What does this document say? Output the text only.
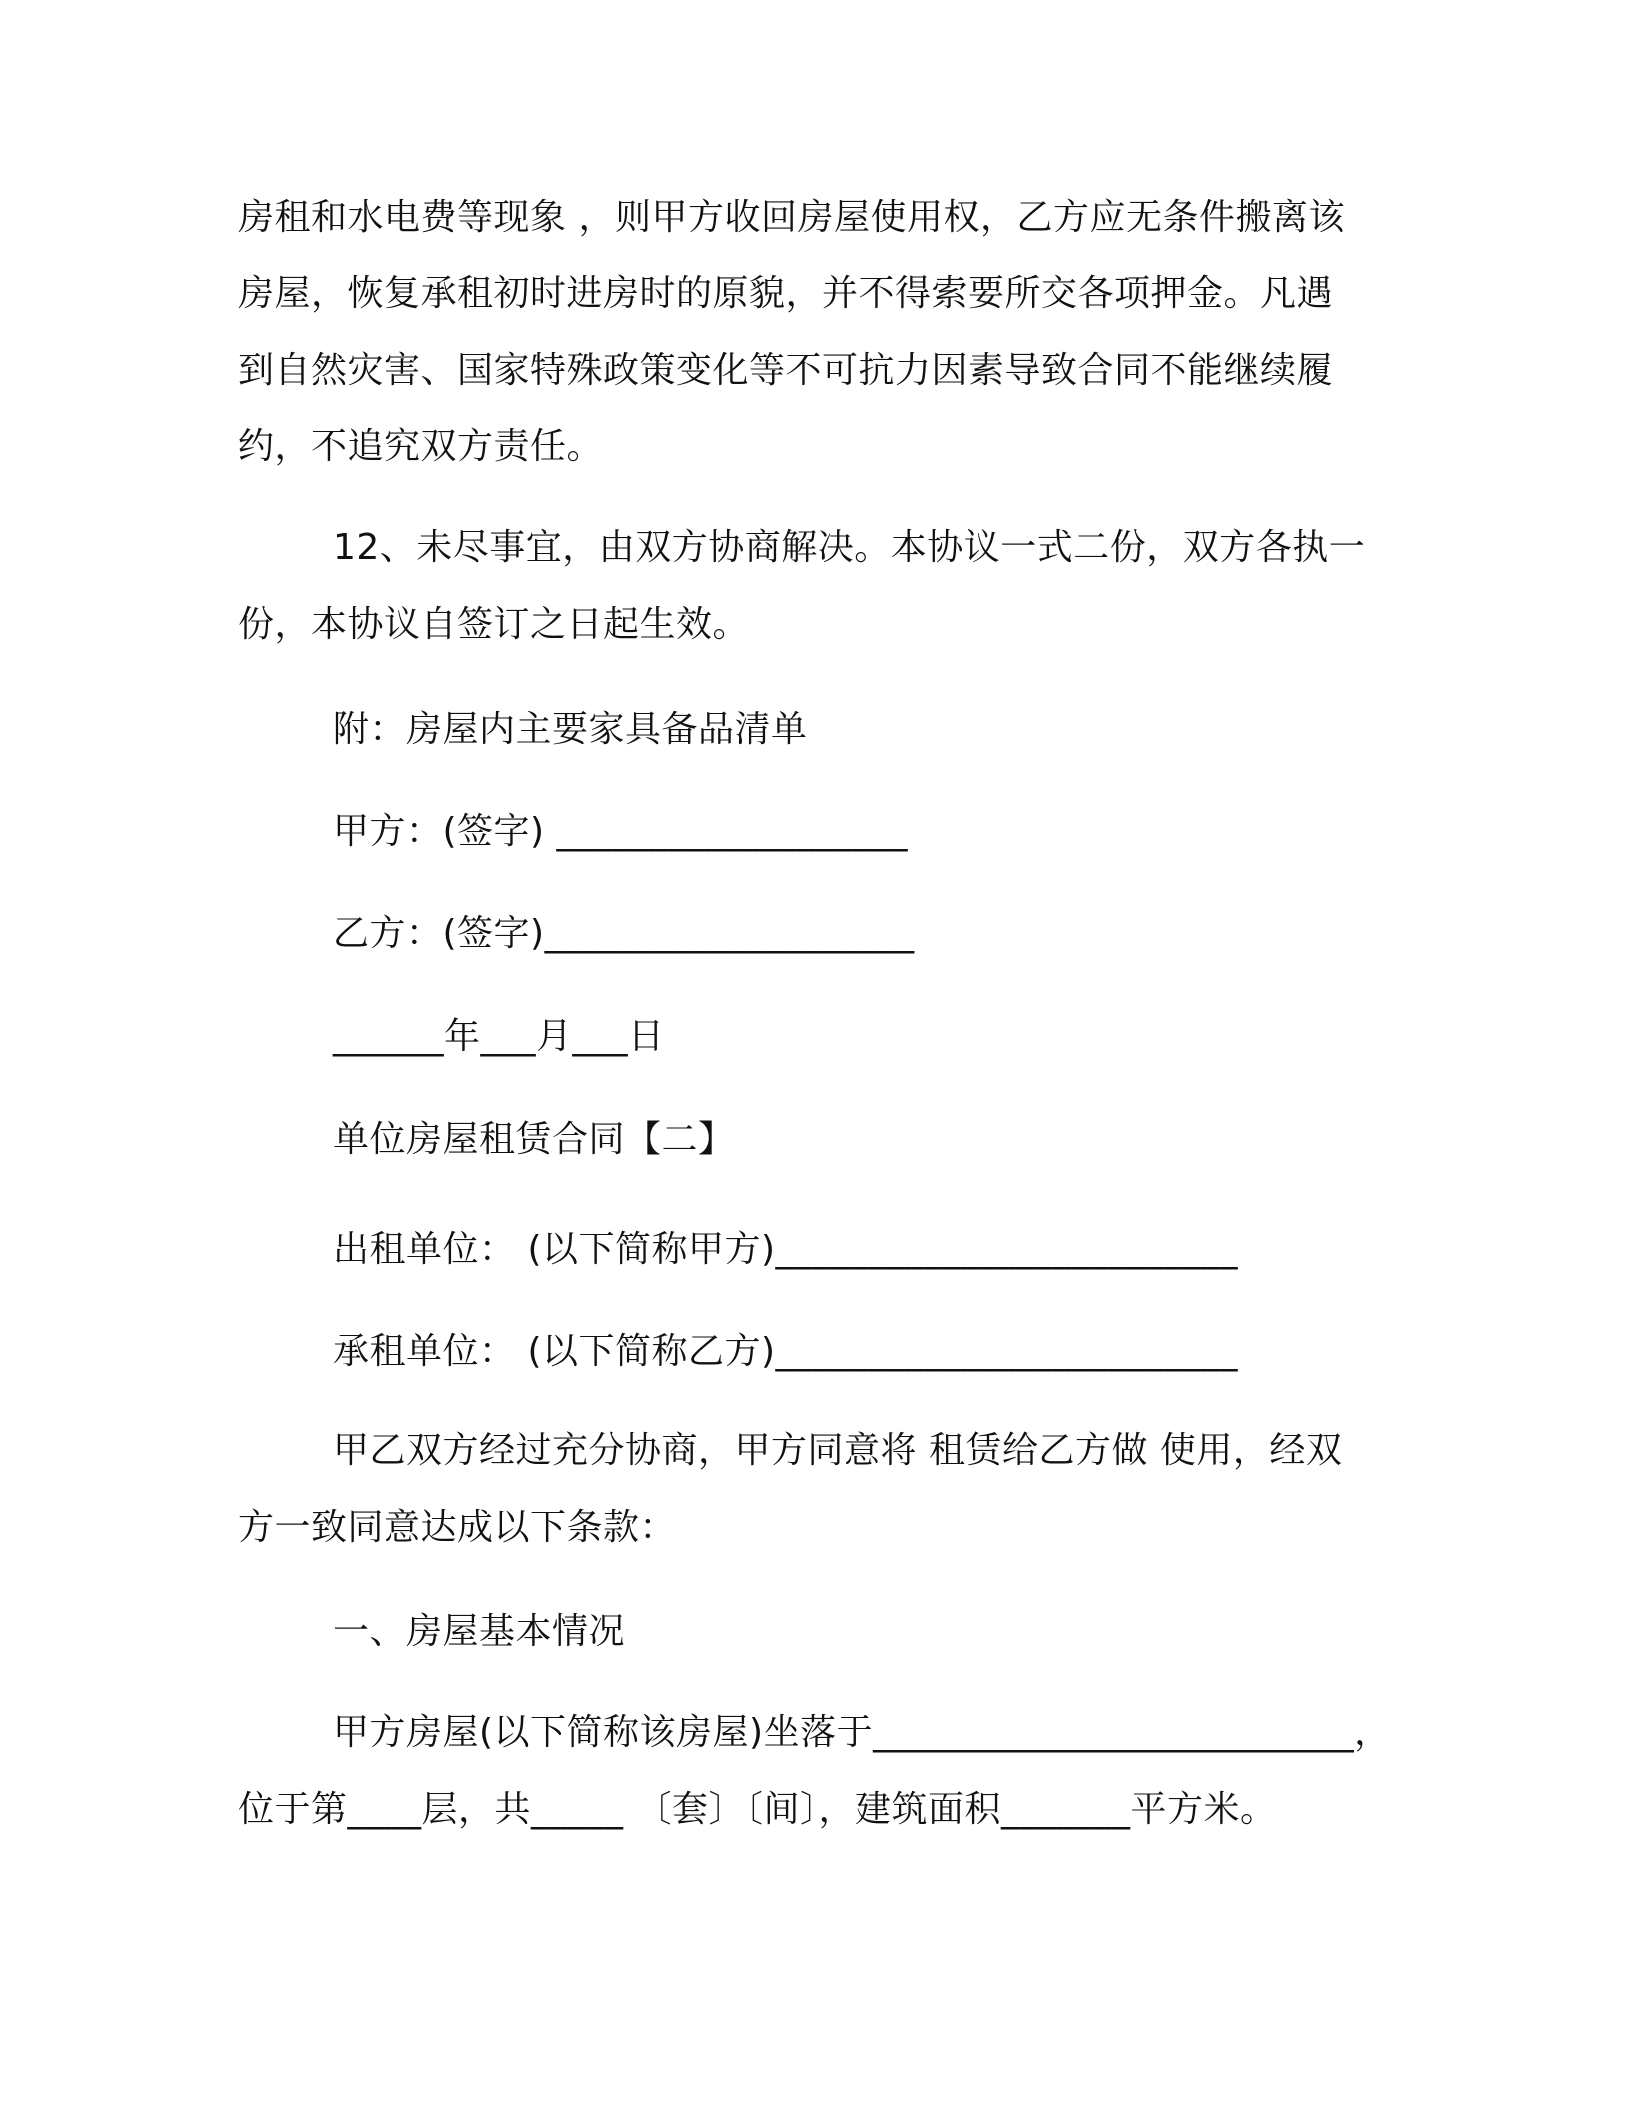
房租和水电费等现象 ，则甲方收回房屋使用权，乙方应无条件搬离该
房屋，恢复承租初时进房时的原貌，并不得索要所交各项押金。凡遇
到自然灾害、国家特殊政策变化等不可抗力因素导致合同不能继续履
约，不追究双方责任。
12、未尽事宜，由双方协商解决。本协议一式二份，双方各执一
份，本协议自签订之日起生效。
附：房屋内主要家具备品清单
甲方：(签字) ___________________
乙方：(签字)____________________
______年___月___日
单位房屋租赁合同【二】
出租单位： (以下简称甲方)_________________________
承租单位： (以下简称乙方)_________________________
甲乙双方经过充分协商，甲方同意将 租赁给乙方做 使用，经双
方一致同意达成以下条款：
一、房屋基本情况
甲方房屋(以下简称该房屋)坐落于__________________________，
位于第____层，共_____ 〔套〕〔间〕，建筑面积_______平方米。
